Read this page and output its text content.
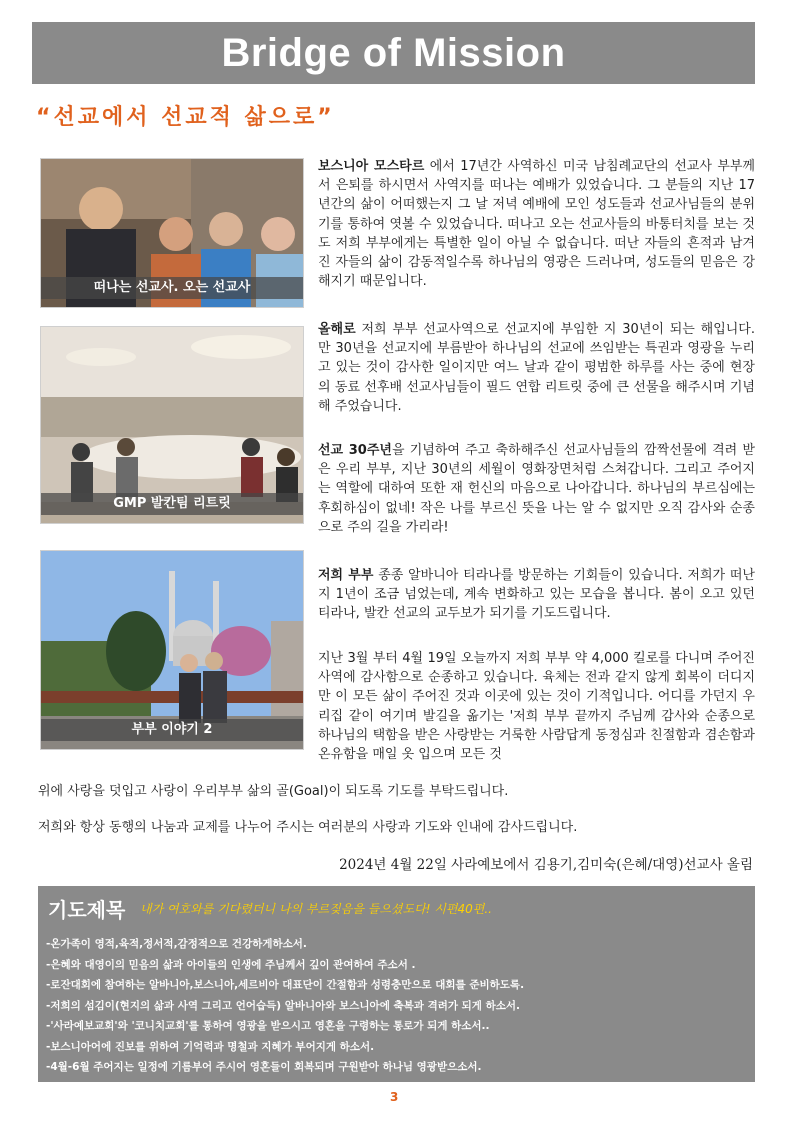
Bridge of Mission
“선교에서 선교적 삶으로”
떠나는 선교사. 오는 선교사
GMP 발칸팀 리트릿
부부 이야기 2

보스니아 모스타르 에서 17년간 사역하신 미국 남침례교단의 선교사 부부께서 은퇴를 하시면서 사역지를 떠나는 예배가 있었습니다. 그 분들의 지난 17년간의 삶이 어떠했는지 그 날 저녁 예배에 모인 성도들과 선교사님들의 분위기를 통하여 엿볼 수 있었습니다. 떠나고 오는 선교사들의 바통터치를 보는 것도 저희 부부에게는 특별한 일이 아닐 수 없습니다. 떠난 자들의 흔적과 남겨진 자들의 삶이 감동적일수록 하나님의 영광은 드러나며, 성도들의 믿음은 강해지기 때문입니다.

올해로 저희 부부 선교사역으로 선교지에 부임한 지 30년이 되는 해입니다. 만 30년을 선교지에 부름받아 하나님의 선교에 쓰임받는 특권과 영광을 누리고 있는 것이 감사한 일이지만 여느 날과 같이 평범한 하루를 사는 중에 현장의 동료 선후배 선교사님들이 필드 연합 리트릿 중에 큰 선물을 해주시며 기념해 주었습니다.

선교 30주년을 기념하여 주고 축하해주신 선교사님들의 깜짝선물에 격려 받은 우리 부부, 지난 30년의 세월이 영화장면처럼 스쳐갑니다. 그리고 주어지는 역할에 대하여 또한 재 헌신의 마음으로 나아갑니다. 하나님의 부르심에는 후회하심이 없네! 작은 나를 부르신 뜻을 나는 알 수 없지만 오직 감사와 순종으로 주의 길을 가리라!

저희 부부 종종 알바니아 티라나를 방문하는 기회들이 있습니다. 저희가 떠난지 1년이 조금 넘었는데, 계속 변화하고 있는 모습을 봅니다. 봄이 오고 있던 티라나, 발칸 선교의 교두보가 되기를 기도드립니다.

지난 3월 부터 4월 19일 오늘까지 저희 부부 약 4,000 킬로를 다니며 주어진 사역에 감사함으로 순종하고 있습니다. 육체는 전과 같지 않게 회복이 더디지만 이 모든 삶이 주어진 것과 이곳에 있는 것이 기적입니다. 어디를 가던지 우리집 같이 여기며 발길을 옮기는 '저희 부부 끝까지 주님께 감사와 순종으로 하나님의 택함을 받은 사랑받는 거룩한 사람답게 동정심과 친절함과 겸손함과 온유함을 매일 옷 입으며 모든 것

위에 사랑을 덧입고 사랑이 우리부부 삶의 골(Goal)이 되도록 기도를 부탁드립니다.

저희와 항상 동행의 나눔과 교제를 나누어 주시는 여러분의 사랑과 기도와 인내에 감사드립니다.

2024년 4월 22일 사라예보에서 김용기,김미숙(은혜/대영)선교사 올림
기도제목 내가 여호와를 기다렸더니 나의 부르짖음을 들으셨도다! 시편40편..
-온가족이 영적,육적,정서적,감정적으로 건강하게하소서.
-은혜와 대영이의 믿음의 삶과 아이들의 인생에 주님께서 깊이 관여하여 주소서 .
-로잔대회에 참여하는 알바니아,보스니아,세르비아 대표단이 간절함과 성령충만으로 대회를 준비하도록.
-저희의 섬김이(현지의 삶과 사역 그리고 언어습득) 알바니아와 보스니아에 축복과 격려가 되게 하소서.
-'사라예보교회'와 '코니치교회'를 통하여 영광을 받으시고 영혼을 구령하는 통로가 되게 하소서..
-보스니아어에 진보를 위하여 기억력과 명철과 지혜가 부어지게 하소서.
-4월-6월 주어지는 일정에 기름부어 주시어 영혼들이 회복되며 구원받아 하나님 영광받으소서.
3
